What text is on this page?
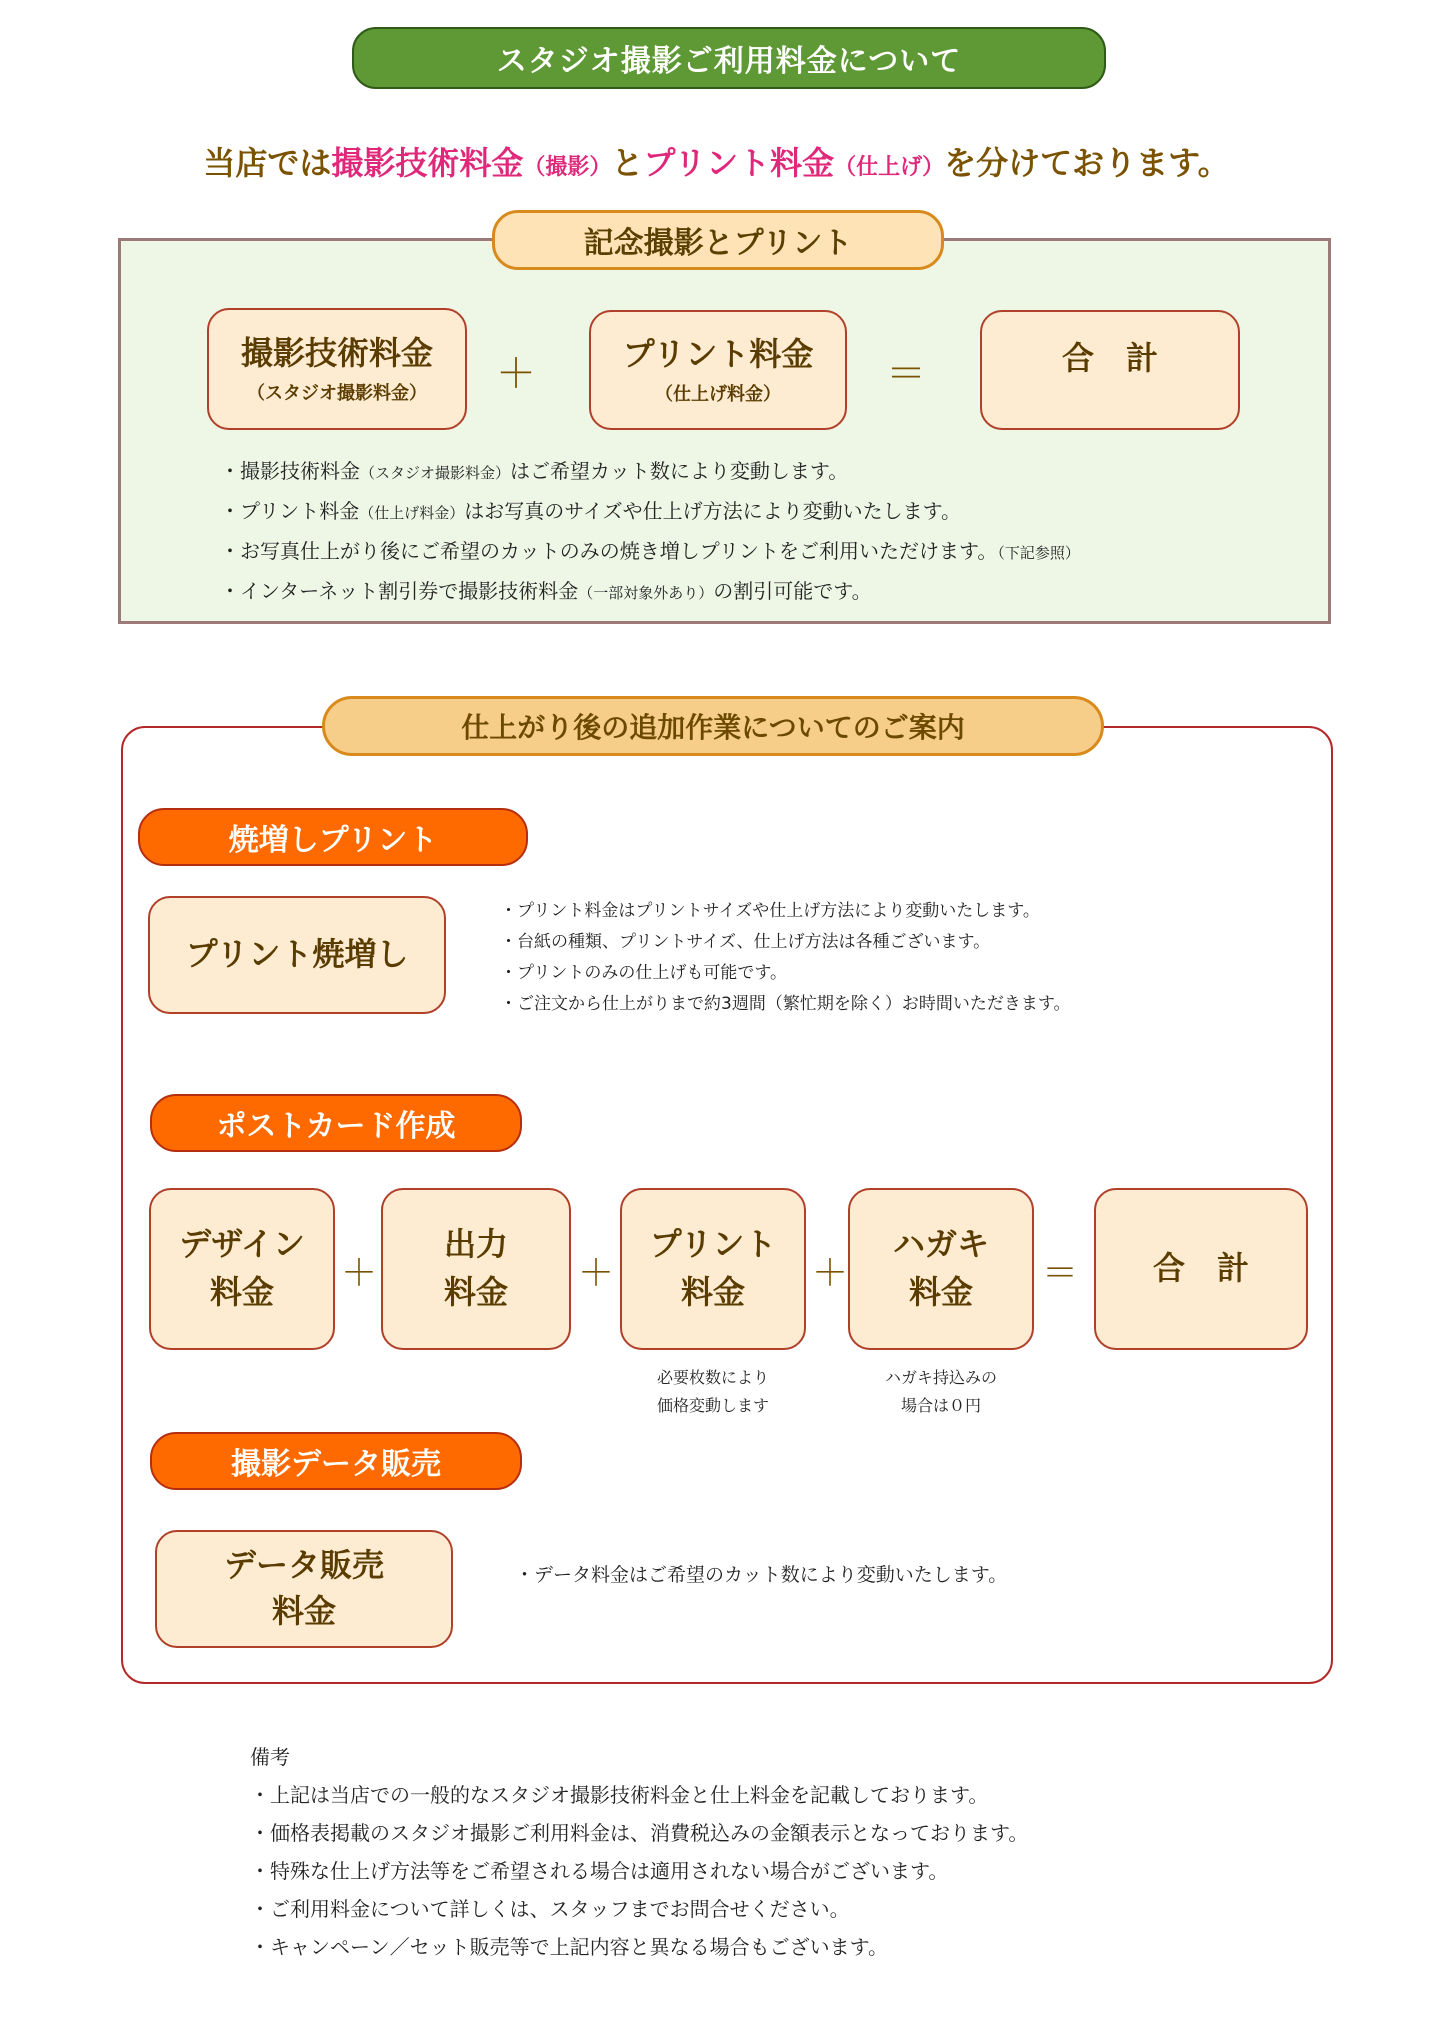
スタジオ撮影ご利用料金について
当店では撮影技術料金（撮影）とプリント料金（仕上げ）を分けております。
記念撮影とプリント
撮影技術料金
（スタジオ撮影料金） ＋	プリント料金
（仕上げ料金）	＝	合　計
・撮影技術料金（スタジオ撮影料金）はご希望カット数により変動します。
・プリント料金（仕上げ料金）はお写真のサイズや仕上げ方法により変動いたします。
・お写真仕上がり後にご希望のカットのみの焼き増しプリントをご利用いただけます。（下記参照）
・インターネット割引券で撮影技術料金（一部対象外あり）の割引可能です。
仕上がり後の追加作業についてのご案内
焼増しプリント
プリント焼増し
・プリント料金はプリントサイズや仕上げ方法により変動いたします。
・台紙の種類、プリントサイズ、仕上げ方法は各種ございます。
・プリントのみの仕上げも可能です。
・ご注文から仕上がりまで約3週間（繁忙期を除く）お時間いただきます。
ポストカード作成
デザイン
料金 ＋
出力
料金 ＋
プリント
料金 ＋
ハガキ
料金 ＝ 合　計
必要枚数により
価格変動します
ハガキ持込みの
場合は０円
撮影データ販売
データ販売
料金
・データ料金はご希望のカット数により変動いたします。
備考
・上記は当店での一般的なスタジオ撮影技術料金と仕上料金を記載しております。
・価格表掲載のスタジオ撮影ご利用料金は、消費税込みの金額表示となっております。
・特殊な仕上げ方法等をご希望される場合は適用されない場合がございます。
・ご利用料金について詳しくは、スタッフまでお問合せください。
・キャンペーン／セット販売等で上記内容と異なる場合もございます。
